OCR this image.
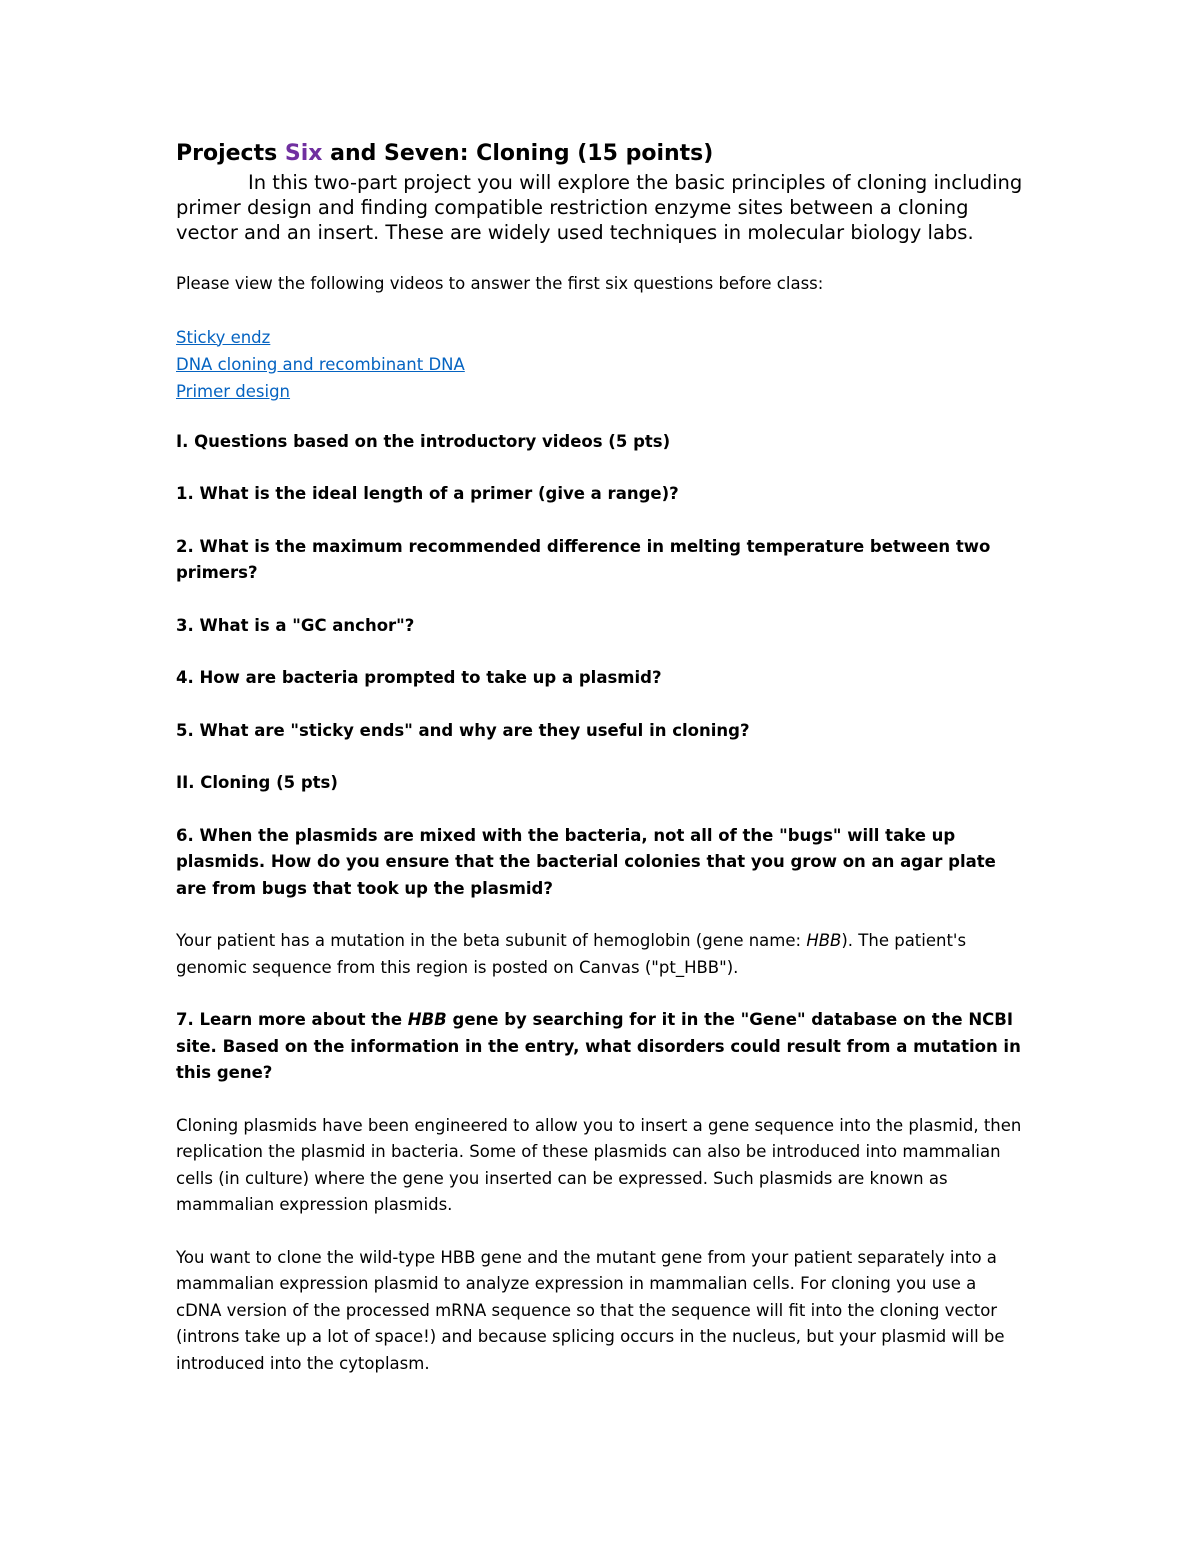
Projects Six and Seven: Cloning (15 points)

In this two-part project you will explore the basic principles of cloning including primer design and finding compatible restriction enzyme sites between a cloning vector and an insert. These are widely used techniques in molecular biology labs.

Please view the following videos to answer the first six questions before class:

Sticky endz
DNA cloning and recombinant DNA
Primer design

I. Questions based on the introductory videos (5 pts)

1. What is the ideal length of a primer (give a range)?

2. What is the maximum recommended difference in melting temperature between two primers?

3. What is a "GC anchor"?

4. How are bacteria prompted to take up a plasmid?

5. What are "sticky ends" and why are they useful in cloning?

II. Cloning (5 pts)

6. When the plasmids are mixed with the bacteria, not all of the "bugs" will take up plasmids. How do you ensure that the bacterial colonies that you grow on an agar plate are from bugs that took up the plasmid?

Your patient has a mutation in the beta subunit of hemoglobin (gene name: HBB). The patient's genomic sequence from this region is posted on Canvas ("pt_HBB").

7. Learn more about the HBB gene by searching for it in the "Gene" database on the NCBI site. Based on the information in the entry, what disorders could result from a mutation in this gene?

Cloning plasmids have been engineered to allow you to insert a gene sequence into the plasmid, then replication the plasmid in bacteria. Some of these plasmids can also be introduced into mammalian cells (in culture) where the gene you inserted can be expressed. Such plasmids are known as mammalian expression plasmids.

You want to clone the wild-type HBB gene and the mutant gene from your patient separately into a mammalian expression plasmid to analyze expression in mammalian cells. For cloning you use a cDNA version of the processed mRNA sequence so that the sequence will fit into the cloning vector (introns take up a lot of space!) and because splicing occurs in the nucleus, but your plasmid will be introduced into the cytoplasm.
